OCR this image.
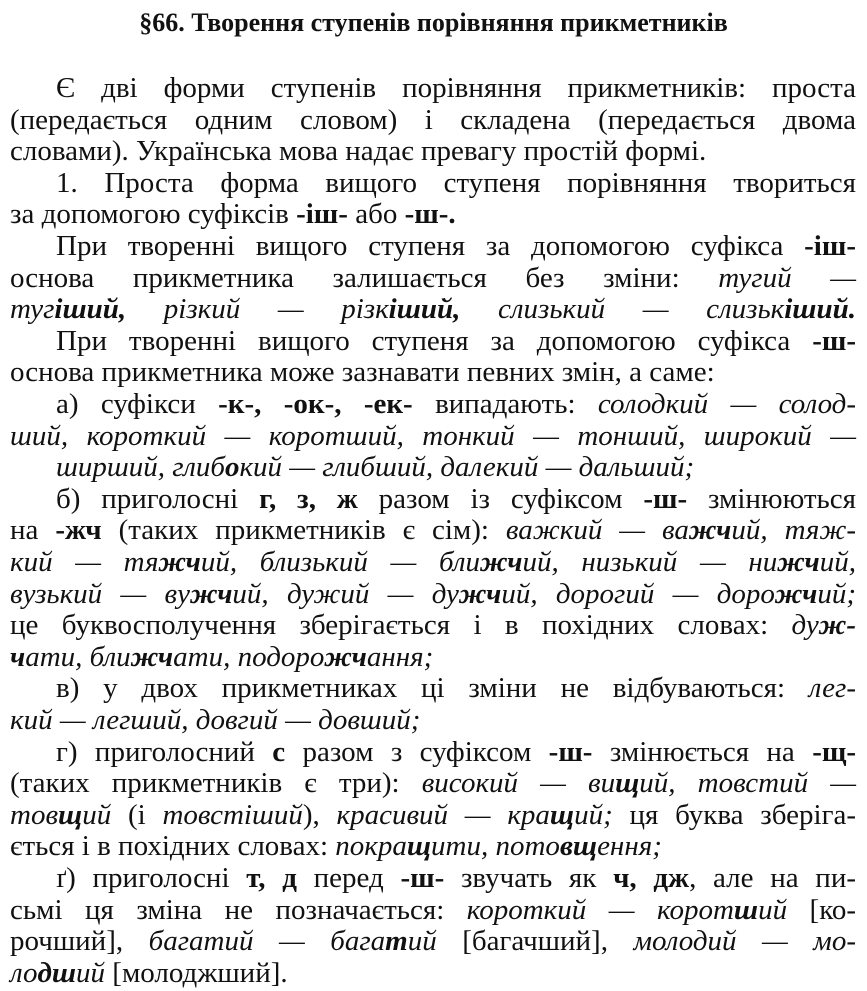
§66. Творення ступенів порівняння прикметників
Є дві форми ступенів порівняння прикметників: проста
(передається одним словом) і складена (передається двома
словами). Українська мова надає превагу простій формі.
1. Проста форма вищого ступеня порівняння твориться
за допомогою суфіксів -іш- або -ш-.
При творенні вищого ступеня за допомогою суфікса -іш-
основа прикметника залишається без зміни: тугий —
тугіший, різкий — різкіший, слизький — слизькіший.
При творенні вищого ступеня за допомогою суфікса -ш-
основа прикметника може зазнавати певних змін, а саме:
а) суфікси -к-, -ок-, -ек- випадають: солодкий — солод-
ший, короткий — коротший, тонкий — тонший, широкий —
ширший, глибокий — глибший, далекий — дальший;
б) приголосні г, з, ж разом із суфіксом -ш- змінюються
на -жч (таких прикметників є сім): важкий — важчий, тяж-
кий — тяжчий, близький — ближчий, низький — нижчий,
вузький — вужчий, дужий — дужчий, дорогий — дорожчий;
це буквосполучення зберігається і в похідних словах: дуж-
чати, ближчати, подорожчання;
в) у двох прикметниках ці зміни не відбуваються: лег-
кий — легший, довгий — довший;
г) приголосний с разом з суфіксом -ш- змінюється на -щ-
(таких прикметників є три): високий — вищий, товстий —
товщий (і товстіший), красивий — кращий; ця буква зберіга-
ється і в похідних словах: покращити, потовщення;
ґ) приголосні т, д перед -ш- звучать як ч, дж, але на пи-
сьмі ця зміна не позначається: короткий — коротший [ко-
рочший], багатий — багатий [багачший], молодий — мо-
лодший [молоджший].
